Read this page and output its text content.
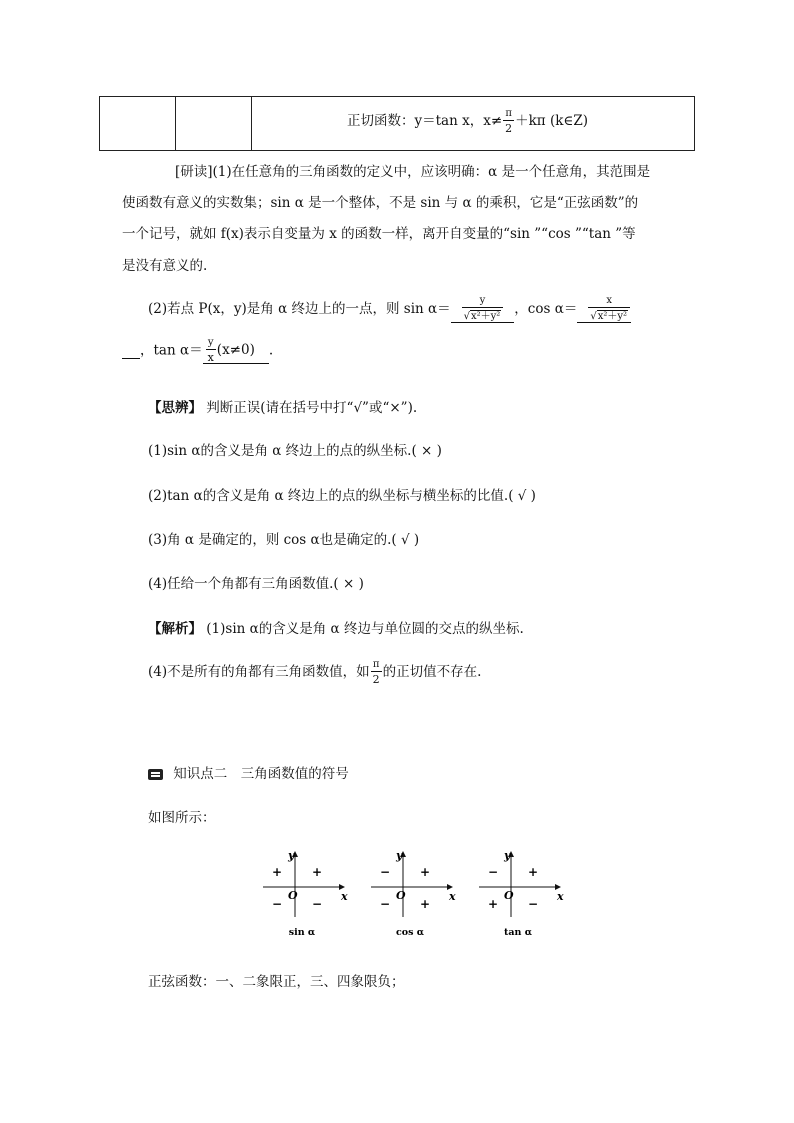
正切函数：y＝tan x，$x\ne \frac{\pi}{2} +k\pi$ (k∈Z)
[研读](1)在任意角的三角函数的定义中，应该明确：α 是一个任意角，其范围是
使函数有意义的实数集；sin α 是一个整体，不是 sin 与 α 的乘积，它是“正弦函数”的
一个记号，就如 f(x)表示自变量为 x 的函数一样，离开自变量的“sin ”“cos ”“tan ”等
是没有意义的.
(2)若点 P(x，y)是角 α 终边上的一点，则 $\sin \alpha= \frac{y}{\text{√x²＋y²}}$ ，$\cos \alpha= \frac{x}{\text{√x²＋y²}}$
，$\tan \alpha= \frac{y}{x} (x\ne 0)$ .
【思辨】 判断正误(请在括号中打“√”或“×”).
(1)sin α的含义是角 α 终边上的点的纵坐标.( × )
(2)tan α的含义是角 α 终边上的点的纵坐标与横坐标的比值.( √ )
(3)角 α 是确定的，则 cos α也是确定的.( √ )
(4)任给一个角都有三角函数值.( × )
【解析】 (1)sin α的含义是角 α 终边与单位圆的交点的纵坐标.
(4)不是所有的角都有三角函数值，如 $\frac{\pi}{2}$ 的正切值不存在.
知识点二　三角函数值的符号
如图所示：
y
x
O
+
+
− −
sin α
y
x
O
+
−
− +
cos α
y
x
O
+
−
+ −
tan α
正弦函数：一、二象限正，三、四象限负；
